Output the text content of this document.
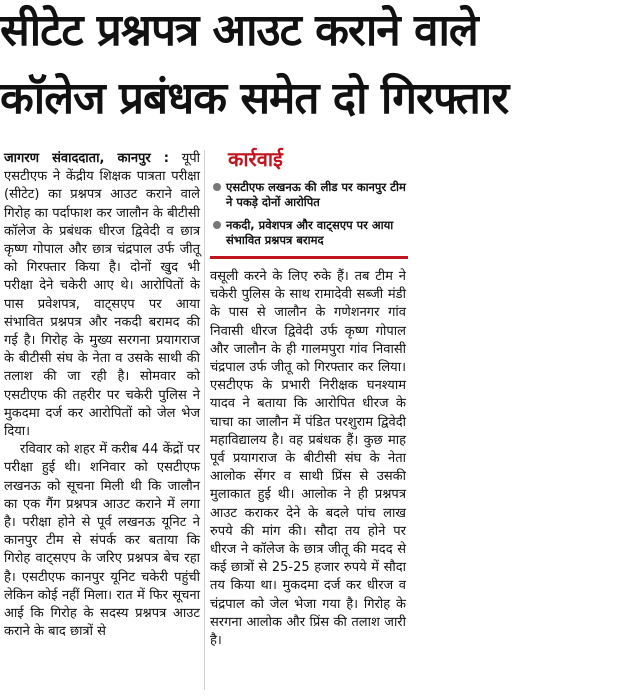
सीटेट प्रश्नपत्र आउट कराने वाले
कॉलेज प्रबंधक समेत दो गिरफ्तार

जागरण संवाददाता, कानपुर : यूपी एसटीएफ ने केंद्रीय शिक्षक पात्रता परीक्षा (सीटेट) का प्रश्नपत्र आउट कराने वाले गिरोह का पर्दाफाश कर जालौन के बीटीसी कॉलेज के प्रबंधक धीरज द्विवेदी व छात्र कृष्ण गोपाल और छात्र चंद्रपाल उर्फ जीतू को गिरफ्तार किया है। दोनों खुद भी परीक्षा देने चकेरी आए थे। आरोपितों के पास प्रवेशपत्र, वाट्सएप पर आया संभावित प्रश्नपत्र और नकदी बरामद की गई है। गिरोह के मुख्य सरगना प्रयागराज के बीटीसी संघ के नेता व उसके साथी की तलाश की जा रही है। सोमवार को एसटीएफ की तहरीर पर चकेरी पुलिस ने मुकदमा दर्ज कर आरोपितों को जेल भेज दिया।

रविवार को शहर में करीब 44 केंद्रों पर परीक्षा हुई थी। शनिवार को एसटीएफ लखनऊ को सूचना मिली थी कि जालौन का एक गैंग प्रश्नपत्र आउट कराने में लगा है। परीक्षा होने से पूर्व लखनऊ यूनिट ने कानपुर टीम से संपर्क कर बताया कि गिरोह वाट्सएप के जरिए प्रश्नपत्र बेच रहा है। एसटीएफ कानपुर यूनिट चकेरी पहुंची लेकिन कोई नहीं मिला। रात में फिर सूचना आई कि गिरोह के सदस्य प्रश्नपत्र आउट कराने के बाद छात्रों से

कार्रवाई
एसटीएफ लखनऊ की लीड पर कानपुर टीम ने पकड़े दोनों आरोपित
नकदी, प्रवेशपत्र और वाट्सएप पर आया संभावित प्रश्नपत्र बरामद

वसूली करने के लिए रुके हैं। तब टीम ने चकेरी पुलिस के साथ रामादेवी सब्जी मंडी के पास से जालौन के गणेशनगर गांव निवासी धीरज द्विवेदी उर्फ कृष्ण गोपाल और जालौन के ही गालमपुरा गांव निवासी चंद्रपाल उर्फ जीतू को गिरफ्तार कर लिया। एसटीएफ के प्रभारी निरीक्षक घनश्याम यादव ने बताया कि आरोपित धीरज के चाचा का जालौन में पंडित परशुराम द्विवेदी महाविद्यालय है। वह प्रबंधक हैं। कुछ माह पूर्व प्रयागराज के बीटीसी संघ के नेता आलोक सेंगर व साथी प्रिंस से उसकी मुलाकात हुई थी। आलोक ने ही प्रश्नपत्र आउट कराकर देने के बदले पांच लाख रुपये की मांग की। सौदा तय होने पर धीरज ने कॉलेज के छात्र जीतू की मदद से कई छात्रों से 25-25 हजार रुपये में सौदा तय किया था। मुकदमा दर्ज कर धीरज व चंद्रपाल को जेल भेजा गया है। गिरोह के सरगना आलोक और प्रिंस की तलाश जारी है।
